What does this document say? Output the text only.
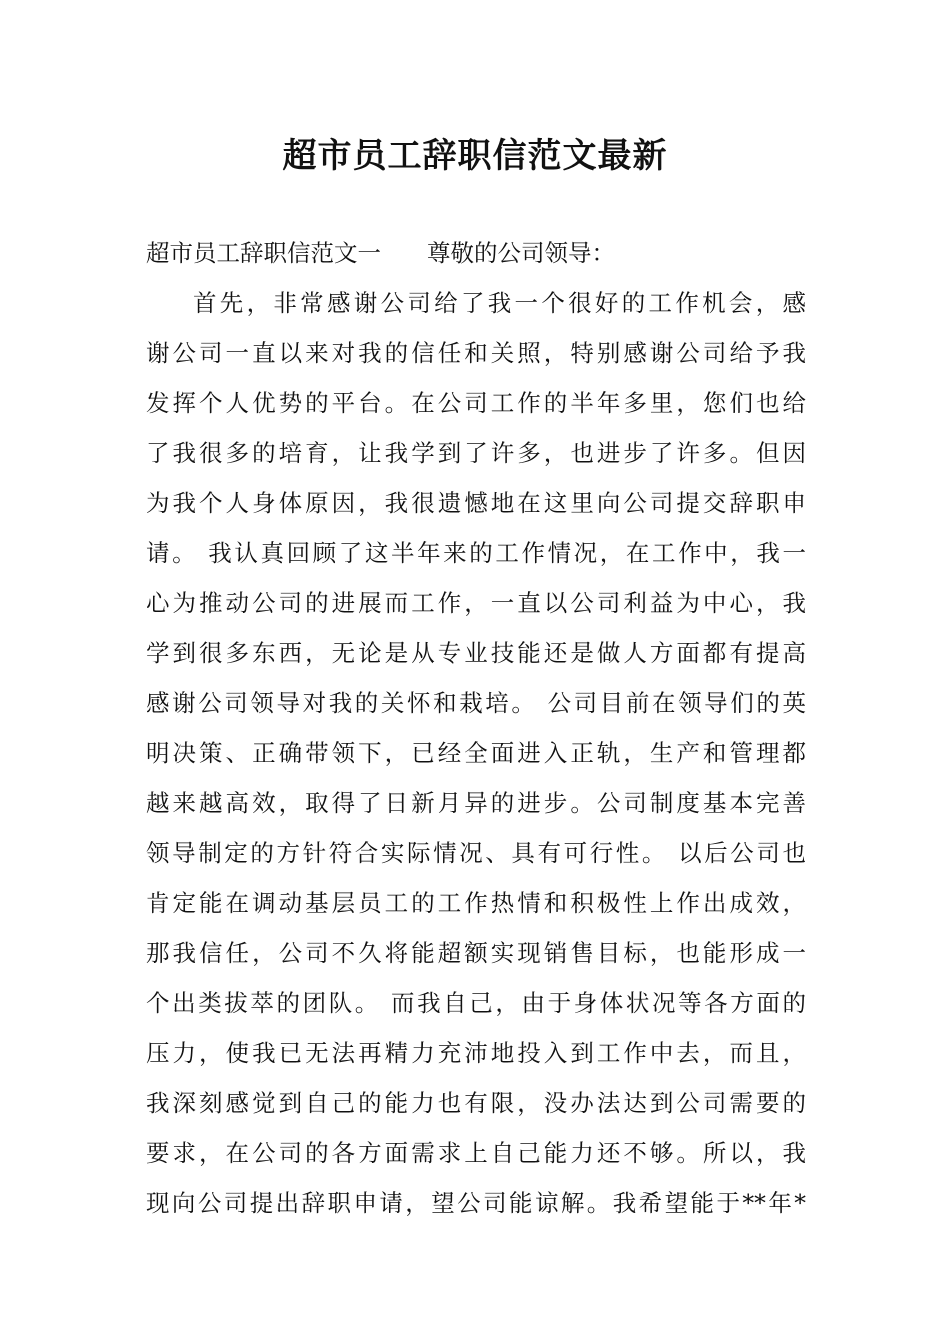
超市员工辞职信范文最新
超市员工辞职信范文一 尊敬的公司领导：
首先，非常感谢公司给了我一个很好的工作机会，感
谢公司一直以来对我的信任和关照，特别感谢公司给予我
发挥个人优势的平台。在公司工作的半年多里，您们也给
了我很多的培育，让我学到了许多，也进步了许多。但因
为我个人身体原因，我很遗憾地在这里向公司提交辞职申
请。 我认真回顾了这半年来的工作情况，在工作中，我一
心为推动公司的进展而工作，一直以公司利益为中心，我
学到很多东西，无论是从专业技能还是做人方面都有提高
感谢公司领导对我的关怀和栽培。 公司目前在领导们的英
明决策、正确带领下，已经全面进入正轨，生产和管理都
越来越高效，取得了日新月异的进步。公司制度基本完善
领导制定的方针符合实际情况、具有可行性。 以后公司也
肯定能在调动基层员工的工作热情和积极性上作出成效，
那我信任，公司不久将能超额实现销售目标，也能形成一
个出类拔萃的团队。 而我自己，由于身体状况等各方面的
压力，使我已无法再精力充沛地投入到工作中去，而且，
我深刻感觉到自己的能力也有限，没办法达到公司需要的
要求，在公司的各方面需求上自己能力还不够。所以，我
现向公司提出辞职申请，望公司能谅解。我希望能于**年*
